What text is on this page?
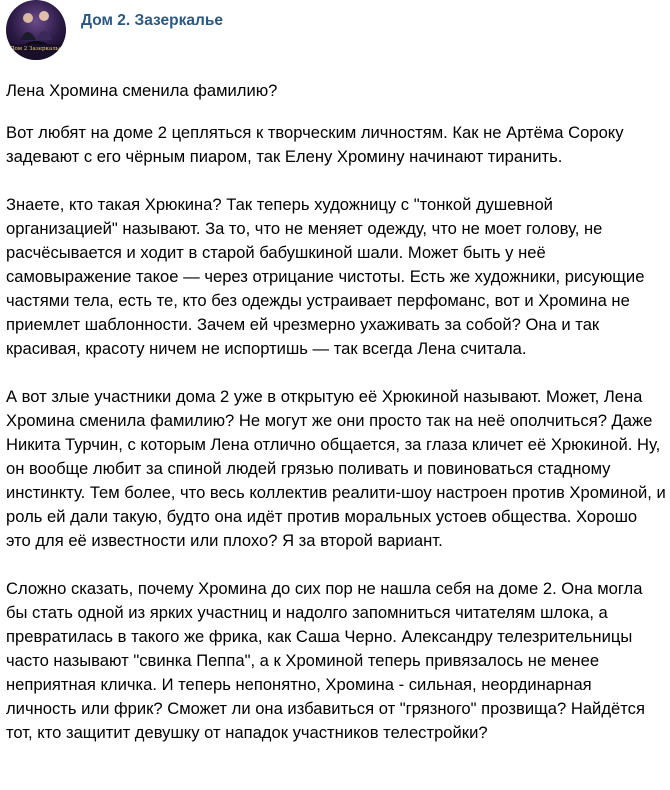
Дом 2 Зазеркалье
Дом 2. Зазеркалье

Лена Хромина сменила фамилию?

Вот любят на доме 2 цепляться к творческим личностям. Как не Артёма Сороку задевают с его чёрным пиаром, так Елену Хромину начинают тиранить.

Знаете, кто такая Хрюкина? Так теперь художницу с "тонкой душевной организацией" называют. За то, что не меняет одежду, что не моет голову, не расчёсывается и ходит в старой бабушкиной шали. Может быть у неё самовыражение такое — через отрицание чистоты. Есть же художники, рисующие частями тела, есть те, кто без одежды устраивает перфоманс, вот и Хромина не приемлет шаблонности. Зачем ей чрезмерно ухаживать за собой? Она и так красивая, красоту ничем не испортишь — так всегда Лена считала.

А вот злые участники дома 2 уже в открытую её Хрюкиной называют. Может, Лена Хромина сменила фамилию? Не могут же они просто так на неё ополчиться? Даже Никита Турчин, с которым Лена отлично общается, за глаза кличет её Хрюкиной. Ну, он вообще любит за спиной людей грязью поливать и повиноваться стадному инстинкту. Тем более, что весь коллектив реалити-шоу настроен против Хроминой, и роль ей дали такую, будто она идёт против моральных устоев общества. Хорошо это для её известности или плохо? Я за второй вариант.

Сложно сказать, почему Хромина до сих пор не нашла себя на доме 2. Она могла бы стать одной из ярких участниц и надолго запомниться читателям шлока, а превратилась в такого же фрика, как Саша Черно. Александру телезрительницы часто называют "свинка Пеппа", а к Хроминой теперь привязалось не менее неприятная кличка. И теперь непонятно, Хромина - сильная, неординарная личность или фрик? Сможет ли она избавиться от "грязного" прозвища? Найдётся тот, кто защитит девушку от нападок участников телестройки?
